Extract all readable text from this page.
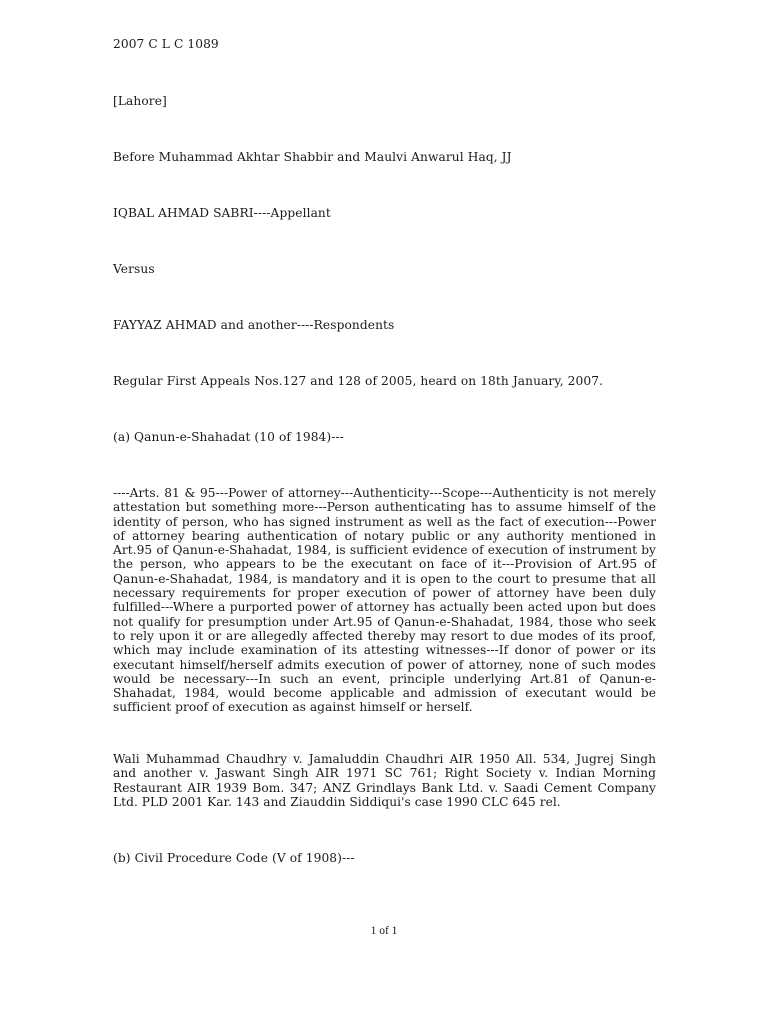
2007 C L C 1089
[Lahore]
Before Muhammad Akhtar Shabbir and Maulvi Anwarul Haq, JJ
IQBAL AHMAD SABRI----Appellant
Versus
FAYYAZ AHMAD and another----Respondents
Regular First Appeals Nos.127 and 128 of 2005, heard on 18th January, 2007.
(a) Qanun-e-Shahadat (10 of 1984)---
----Arts. 81 & 95---Power of attorney---Authenticity---Scope---Authenticity is not merely attestation but something more---Person authenticating has to assume himself of the identity of person, who has signed instrument as well as the fact of execution---Power of attorney bearing authentication of notary public or any authority mentioned in Art.95 of Qanun-e-Shahadat, 1984, is sufficient evidence of execution of instrument by the person, who appears to be the executant on face of it---Provision of Art.95 of Qanun-e-Shahadat, 1984, is mandatory and it is open to the court to presume that all necessary requirements for proper execution of power of attorney have been duly fulfilled---Where a purported power of attorney has actually been acted upon but does not qualify for presumption under Art.95 of Qanun-e-Shahadat, 1984, those who seek to rely upon it or are allegedly affected thereby may resort to due modes of its proof, which may include examination of its attesting witnesses---If donor of power or its executant himself/herself admits execution of power of attorney, none of such modes would be necessary---In such an event, principle underlying Art.81 of Qanun-e-Shahadat, 1984, would become applicable and admission of executant would be sufficient proof of execution as against himself or herself.
Wali Muhammad Chaudhry v. Jamaluddin Chaudhri AIR 1950 All. 534, Jugrej Singh and another v. Jaswant Singh AIR 1971 SC 761; Right Society v. Indian Morning Restaurant AIR 1939 Bom. 347; ANZ Grindlays Bank Ltd. v. Saadi Cement Company Ltd. PLD 2001 Kar. 143 and Ziauddin Siddiqui's case 1990 CLC 645 rel.
(b) Civil Procedure Code (V of 1908)---
1 of 1
